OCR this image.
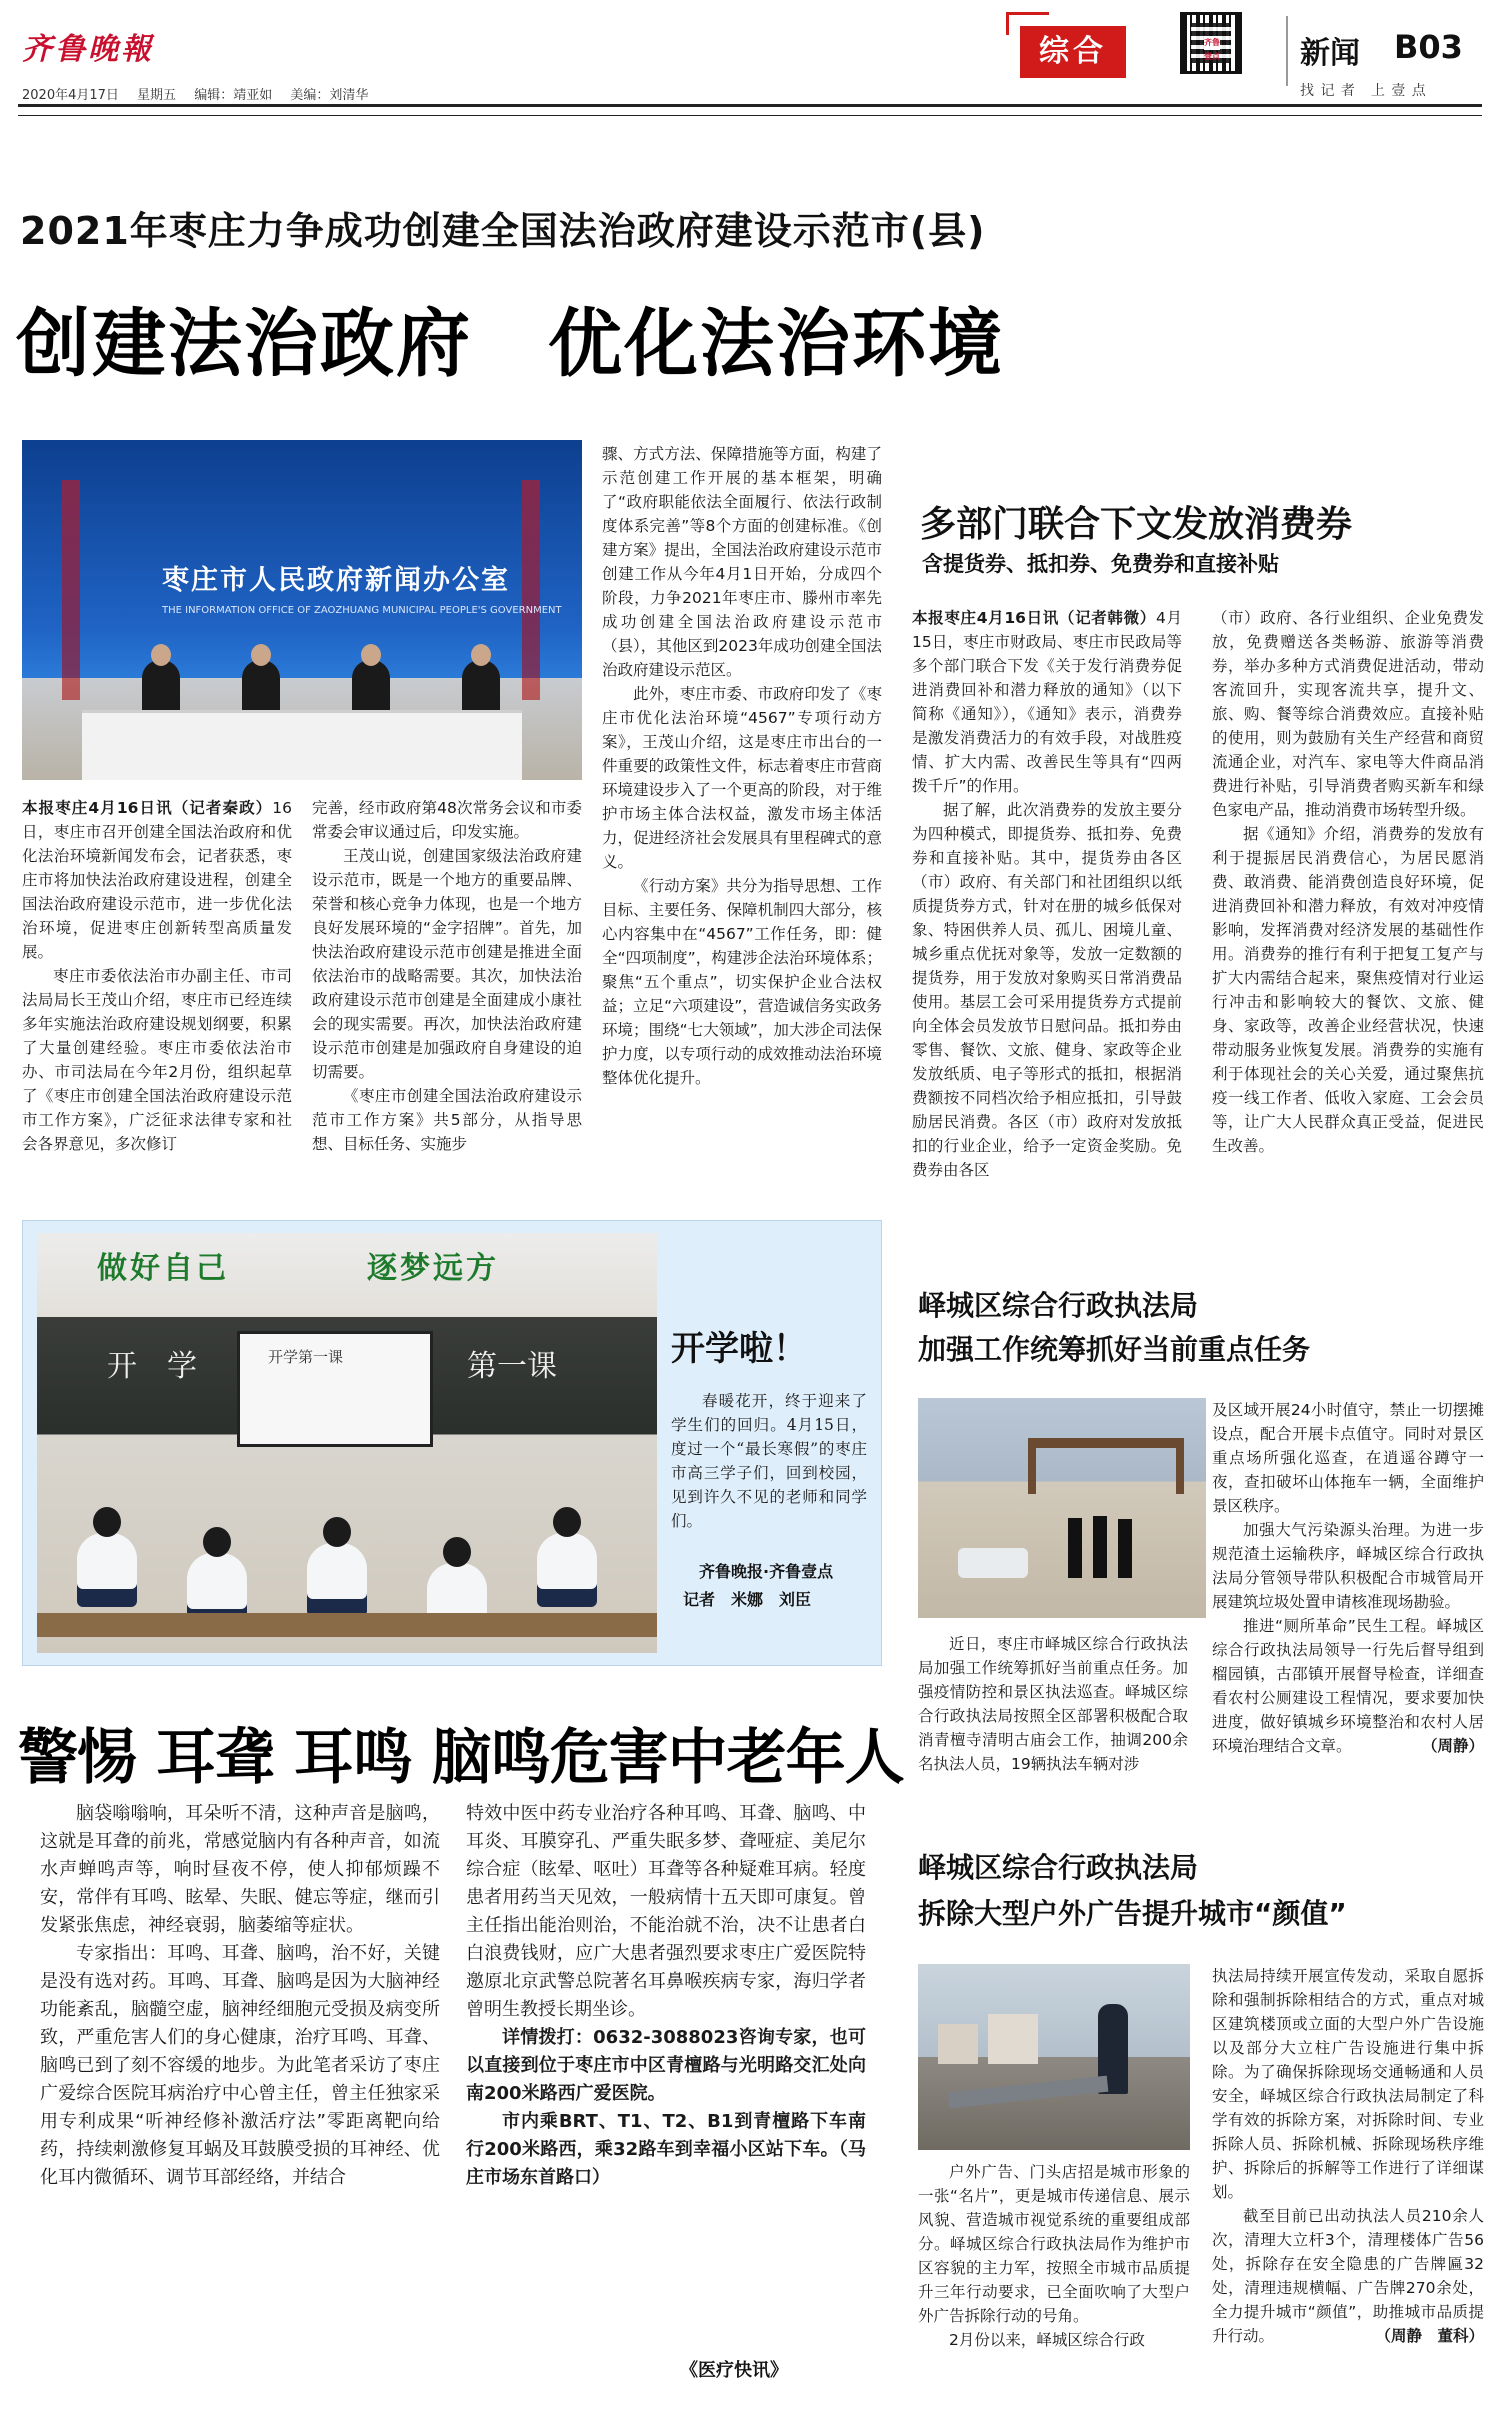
齐鲁晚報
2020年4月17日 星期五 编辑：靖亚如 美编：刘清华
综合	齐鲁壹点	新闻 B03
找 记 者　上 壹 点
2021年枣庄力争成功创建全国法治政府建设示范市(县)
创建法治政府　优化法治环境
枣庄市人民政府新闻办公室
THE INFORMATION OFFICE OF ZAOZHUANG MUNICIPAL PEOPLE'S GOVERNMENT

本报枣庄4月16日讯（记者秦政）16日，枣庄市召开创建全国法治政府和优化法治环境新闻发布会，记者获悉，枣庄市将加快法治政府建设进程，创建全国法治政府建设示范市，进一步优化法治环境，促进枣庄创新转型高质量发展。

枣庄市委依法治市办副主任、市司法局局长王茂山介绍，枣庄市已经连续多年实施法治政府建设规划纲要，积累了大量创建经验。枣庄市委依法治市办、市司法局在今年2月份，组织起草了《枣庄市创建全国法治政府建设示范市工作方案》，广泛征求法律专家和社会各界意见，多次修订

完善，经市政府第48次常务会议和市委常委会审议通过后，印发实施。

王茂山说，创建国家级法治政府建设示范市，既是一个地方的重要品牌、荣誉和核心竞争力体现，也是一个地方良好发展环境的“金字招牌”。首先，加快法治政府建设示范市创建是推进全面依法治市的战略需要。其次，加快法治政府建设示范市创建是全面建成小康社会的现实需要。再次，加快法治政府建设示范市创建是加强政府自身建设的迫切需要。

《枣庄市创建全国法治政府建设示范市工作方案》共5部分，从指导思想、目标任务、实施步

骤、方式方法、保障措施等方面，构建了示范创建工作开展的基本框架，明确了“政府职能依法全面履行、依法行政制度体系完善”等8个方面的创建标准。《创建方案》提出，全国法治政府建设示范市创建工作从今年4月1日开始，分成四个阶段，力争2021年枣庄市、滕州市率先成功创建全国法治政府建设示范市（县），其他区到2023年成功创建全国法治政府建设示范区。

此外，枣庄市委、市政府印发了《枣庄市优化法治环境“4567”专项行动方案》，王茂山介绍，这是枣庄市出台的一件重要的政策性文件，标志着枣庄市营商环境建设步入了一个更高的阶段，对于维护市场主体合法权益，激发市场主体活力，促进经济社会发展具有里程碑式的意义。

《行动方案》共分为指导思想、工作目标、主要任务、保障机制四大部分，核心内容集中在“4567”工作任务，即：健全“四项制度”，构建涉企法治环境体系；聚焦“五个重点”，切实保护企业合法权益；立足“六项建设”，营造诚信务实政务环境；围绕“七大领域”，加大涉企司法保护力度，以专项行动的成效推动法治环境整体优化提升。

多部门联合下文发放消费券
含提货券、抵扣券、免费券和直接补贴

本报枣庄4月16日讯（记者韩微）4月15日，枣庄市财政局、枣庄市民政局等多个部门联合下发《关于发行消费券促进消费回补和潜力释放的通知》（以下简称《通知》），《通知》表示，消费券是激发消费活力的有效手段，对战胜疫情、扩大内需、改善民生等具有“四两拨千斤”的作用。

据了解，此次消费券的发放主要分为四种模式，即提货券、抵扣券、免费券和直接补贴。其中，提货券由各区（市）政府、有关部门和社团组织以纸质提货券方式，针对在册的城乡低保对象、特困供养人员、孤儿、困境儿童、城乡重点优抚对象等，发放一定数额的提货券，用于发放对象购买日常消费品使用。基层工会可采用提货券方式提前向全体会员发放节日慰问品。抵扣券由零售、餐饮、文旅、健身、家政等企业发放纸质、电子等形式的抵扣，根据消费额按不同档次给予相应抵扣，引导鼓励居民消费。各区（市）政府对发放抵扣的行业企业，给予一定资金奖励。免费券由各区

（市）政府、各行业组织、企业免费发放，免费赠送各类畅游、旅游等消费券，举办多种方式消费促进活动，带动客流回升，实现客流共享，提升文、旅、购、餐等综合消费效应。直接补贴的使用，则为鼓励有关生产经营和商贸流通企业，对汽车、家电等大件商品消费进行补贴，引导消费者购买新车和绿色家电产品，推动消费市场转型升级。

据《通知》介绍，消费券的发放有利于提振居民消费信心，为居民愿消费、敢消费、能消费创造良好环境，促进消费回补和潜力释放，有效对冲疫情影响，发挥消费对经济发展的基础性作用。消费券的推行有利于把复工复产与扩大内需结合起来，聚焦疫情对行业运行冲击和影响较大的餐饮、文旅、健身、家政等，改善企业经营状况，快速带动服务业恢复发展。消费券的实施有利于体现社会的关心关爱，通过聚焦抗疫一线工作者、低收入家庭、工会会员等，让广大人民群众真正受益，促进民生改善。

做好自己	逐梦远方
开　学	开学第一课	第一课	开学啦！

春暖花开，终于迎来了学生们的回归。4月15日，度过一个“最长寒假”的枣庄市高三学子们，回到校园，见到许久不见的老师和同学们。

齐鲁晚报·齐鲁壹点
记者　米娜　刘臣
峄城区综合行政执法局
加强工作统筹抓好当前重点任务

近日，枣庄市峄城区综合行政执法局加强工作统筹抓好当前重点任务。加强疫情防控和景区执法巡查。峄城区综合行政执法局按照全区部署积极配合取消青檀寺清明古庙会工作，抽调200余名执法人员，19辆执法车辆对涉

及区域开展24小时值守，禁止一切摆摊设点，配合开展卡点值守。同时对景区重点场所强化巡查，在逍遥谷蹲守一夜，查扣破坏山体拖车一辆，全面维护景区秩序。

加强大气污染源头治理。为进一步规范渣土运输秩序，峄城区综合行政执法局分管领导带队积极配合市城管局开展建筑垃圾处置申请核准现场勘验。

推进“厕所革命”民生工程。峄城区综合行政执法局领导一行先后督导组到榴园镇，古邵镇开展督导检查，详细查看农村公厕建设工程情况，要求要加快进度，做好镇城乡环境整治和农村人居环境治理结合文章。	（周静）

警惕 耳聋 耳鸣 脑鸣危害中老年人

脑袋嗡嗡响，耳朵听不清，这种声音是脑鸣，这就是耳聋的前兆，常感觉脑内有各种声音，如流水声蝉鸣声等，响时昼夜不停，使人抑郁烦躁不安，常伴有耳鸣、眩晕、失眠、健忘等症，继而引发紧张焦虑，神经衰弱，脑萎缩等症状。

专家指出：耳鸣、耳聋、脑鸣，治不好，关键是没有选对药。耳鸣、耳聋、脑鸣是因为大脑神经功能紊乱，脑髓空虚，脑神经细胞元受损及病变所致，严重危害人们的身心健康，治疗耳鸣、耳聋、脑鸣已到了刻不容缓的地步。为此笔者采访了枣庄广爱综合医院耳病治疗中心曾主任，曾主任独家采用专利成果“听神经修补激活疗法”零距离靶向给药，持续刺激修复耳蜗及耳鼓膜受损的耳神经、优化耳内微循环、调节耳部经络，并结合

特效中医中药专业治疗各种耳鸣、耳聋、脑鸣、中耳炎、耳膜穿孔、严重失眠多梦、聋哑症、美尼尔综合症（眩晕、呕吐）耳聋等各种疑难耳病。轻度患者用药当天见效，一般病情十五天即可康复。曾主任指出能治则治，不能治就不治，决不让患者白白浪费钱财，应广大患者强烈要求枣庄广爱医院特邀原北京武警总院著名耳鼻喉疾病专家，海归学者曾明生教授长期坐诊。

详情拨打：0632-3088023咨询专家，也可以直接到位于枣庄市中区青檀路与光明路交汇处向南200米路西广爱医院。

市内乘BRT、T1、T2、B1到青檀路下车南行200米路西，乘32路车到幸福小区站下车。（马庄市场东首路口）

《医疗快讯》
峄城区综合行政执法局
拆除大型户外广告提升城市“颜值”

户外广告、门头店招是城市形象的一张“名片”，更是城市传递信息、展示风貌、营造城市视觉系统的重要组成部分。峄城区综合行政执法局作为维护市区容貌的主力军，按照全市城市品质提升三年行动要求，已全面吹响了大型户外广告拆除行动的号角。

2月份以来，峄城区综合行政

执法局持续开展宣传发动，采取自愿拆除和强制拆除相结合的方式，重点对城区建筑楼顶或立面的大型户外广告设施以及部分大立柱广告设施进行集中拆除。为了确保拆除现场交通畅通和人员安全，峄城区综合行政执法局制定了科学有效的拆除方案，对拆除时间、专业拆除人员、拆除机械、拆除现场秩序维护、拆除后的拆解等工作进行了详细谋划。

截至目前已出动执法人员210余人次，清理大立杆3个，清理楼体广告56处，拆除存在安全隐患的广告牌匾32处，清理违规横幅、广告牌270余处，全力提升城市“颜值”，助推城市品质提升行动。	（周静　董科）
